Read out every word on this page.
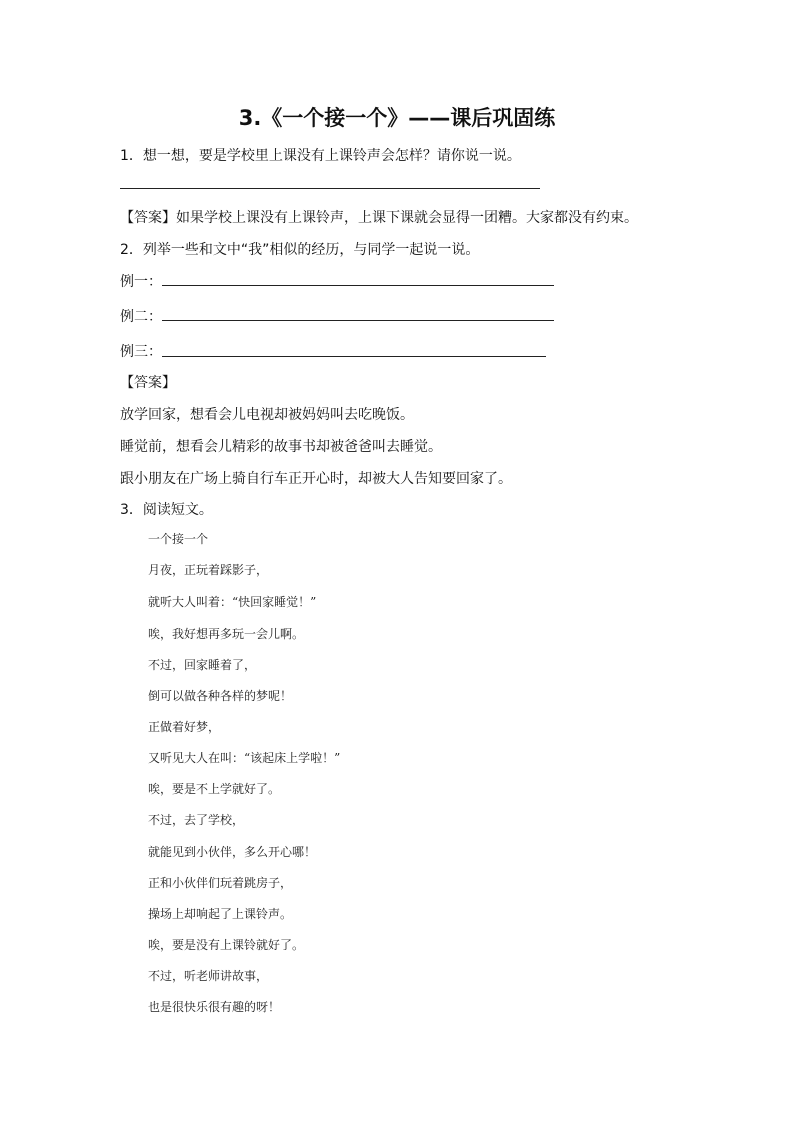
3.《一个接一个》——课后巩固练
1．想一想，要是学校里上课没有上课铃声会怎样？请你说一说。
【答案】如果学校上课没有上课铃声，上课下课就会显得一团糟。大家都没有约束。
2．列举一些和文中“我”相似的经历，与同学一起说一说。
例一：
例二：
例三：
【答案】
放学回家，想看会儿电视却被妈妈叫去吃晚饭。
睡觉前，想看会儿精彩的故事书却被爸爸叫去睡觉。
跟小朋友在广场上骑自行车正开心时，却被大人告知要回家了。
3．阅读短文。
一个接一个
月夜，正玩着踩影子，
就听大人叫着：“快回家睡觉！”
唉，我好想再多玩一会儿啊。
不过，回家睡着了，
倒可以做各种各样的梦呢！
正做着好梦，
又听见大人在叫：“该起床上学啦！”
唉，要是不上学就好了。
不过，去了学校，
就能见到小伙伴，多么开心哪！
正和小伙伴们玩着跳房子，
操场上却响起了上课铃声。
唉，要是没有上课铃就好了。
不过，听老师讲故事，
也是很快乐很有趣的呀！
